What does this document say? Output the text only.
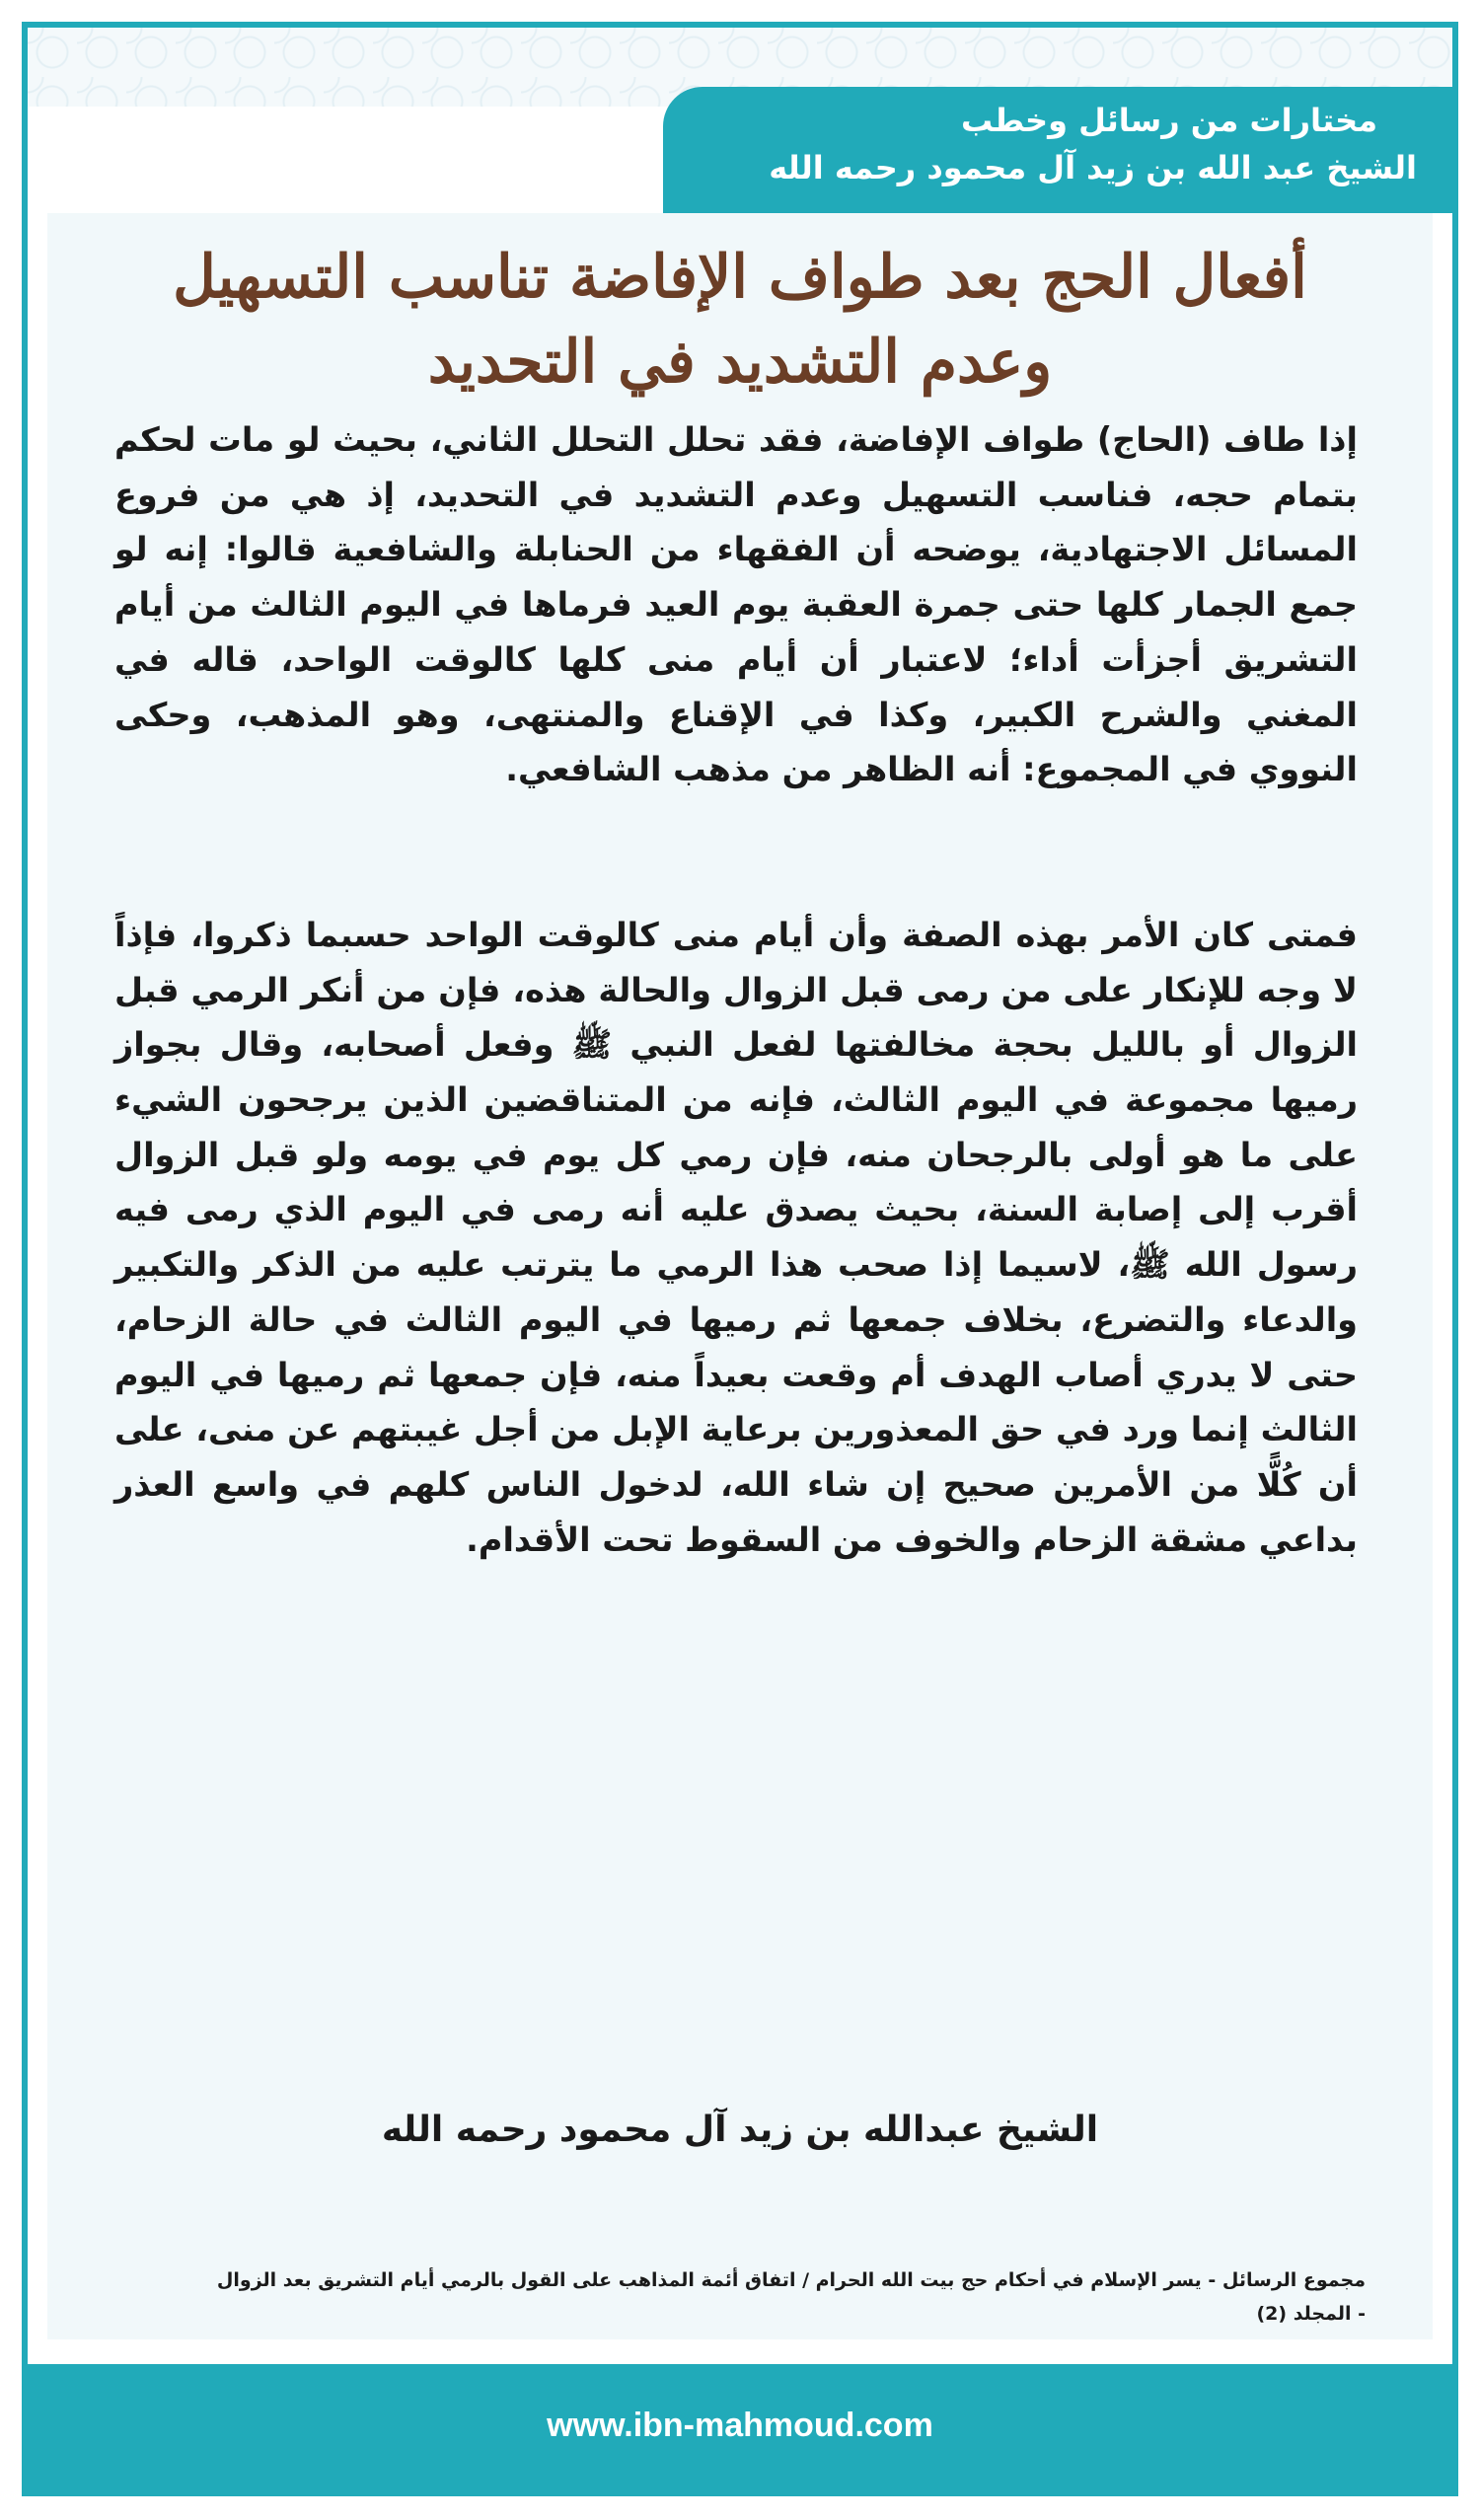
مختارات من رسائل وخطب
الشيخ عبد الله بن زيد آل محمود رحمه الله
أفعال الحج بعد طواف الإفاضة تناسب التسهيل
وعدم التشديد في التحديد

إذا طاف (الحاج) طواف الإفاضة، فقد تحلل التحلل الثاني، بحيث لو مات لحكم بتمام حجه، فناسب التسهيل وعدم التشديد في التحديد، إذ هي من فروع المسائل الاجتهادية، يوضحه أن الفقهاء من الحنابلة والشافعية قالوا: إنه لو جمع الجمار كلها حتى جمرة العقبة يوم العيد فرماها في اليوم الثالث من أيام التشريق أجزأت أداء؛ لاعتبار أن أيام منى كلها كالوقت الواحد، قاله في المغني والشرح الكبير، وكذا في الإقناع والمنتهى، وهو المذهب، وحكى النووي في المجموع: أنه الظاهر من مذهب الشافعي.

فمتى كان الأمر بهذه الصفة وأن أيام منى كالوقت الواحد حسبما ذكروا، فإذاً لا وجه للإنكار على من رمى قبل الزوال والحالة هذه، فإن من أنكر الرمي قبل الزوال أو بالليل بحجة مخالفتها لفعل النبي ﷺ وفعل أصحابه، وقال بجواز رميها مجموعة في اليوم الثالث، فإنه من المتناقضين الذين يرجحون الشيء على ما هو أولى بالرجحان منه، فإن رمي كل يوم في يومه ولو قبل الزوال أقرب إلى إصابة السنة، بحيث يصدق عليه أنه رمى في اليوم الذي رمى فيه رسول الله ﷺ، لاسيما إذا صحب هذا الرمي ما يترتب عليه من الذكر والتكبير والدعاء والتضرع، بخلاف جمعها ثم رميها في اليوم الثالث في حالة الزحام، حتى لا يدري أصاب الهدف أم وقعت بعيداً منه، فإن جمعها ثم رميها في اليوم الثالث إنما ورد في حق المعذورين برعاية الإبل من أجل غيبتهم عن منى، على أن كُلًّا من الأمرين صحيح إن شاء الله، لدخول الناس كلهم في واسع العذر بداعي مشقة الزحام والخوف من السقوط تحت الأقدام.

الشيخ عبدالله بن زيد آل محمود رحمه الله
مجموع الرسائل - يسر الإسلام في أحكام حج بيت الله الحرام / اتفاق أئمة المذاهب على القول بالرمي أيام التشريق بعد الزوال
- المجلد (2)
www.ibn-mahmoud.com
